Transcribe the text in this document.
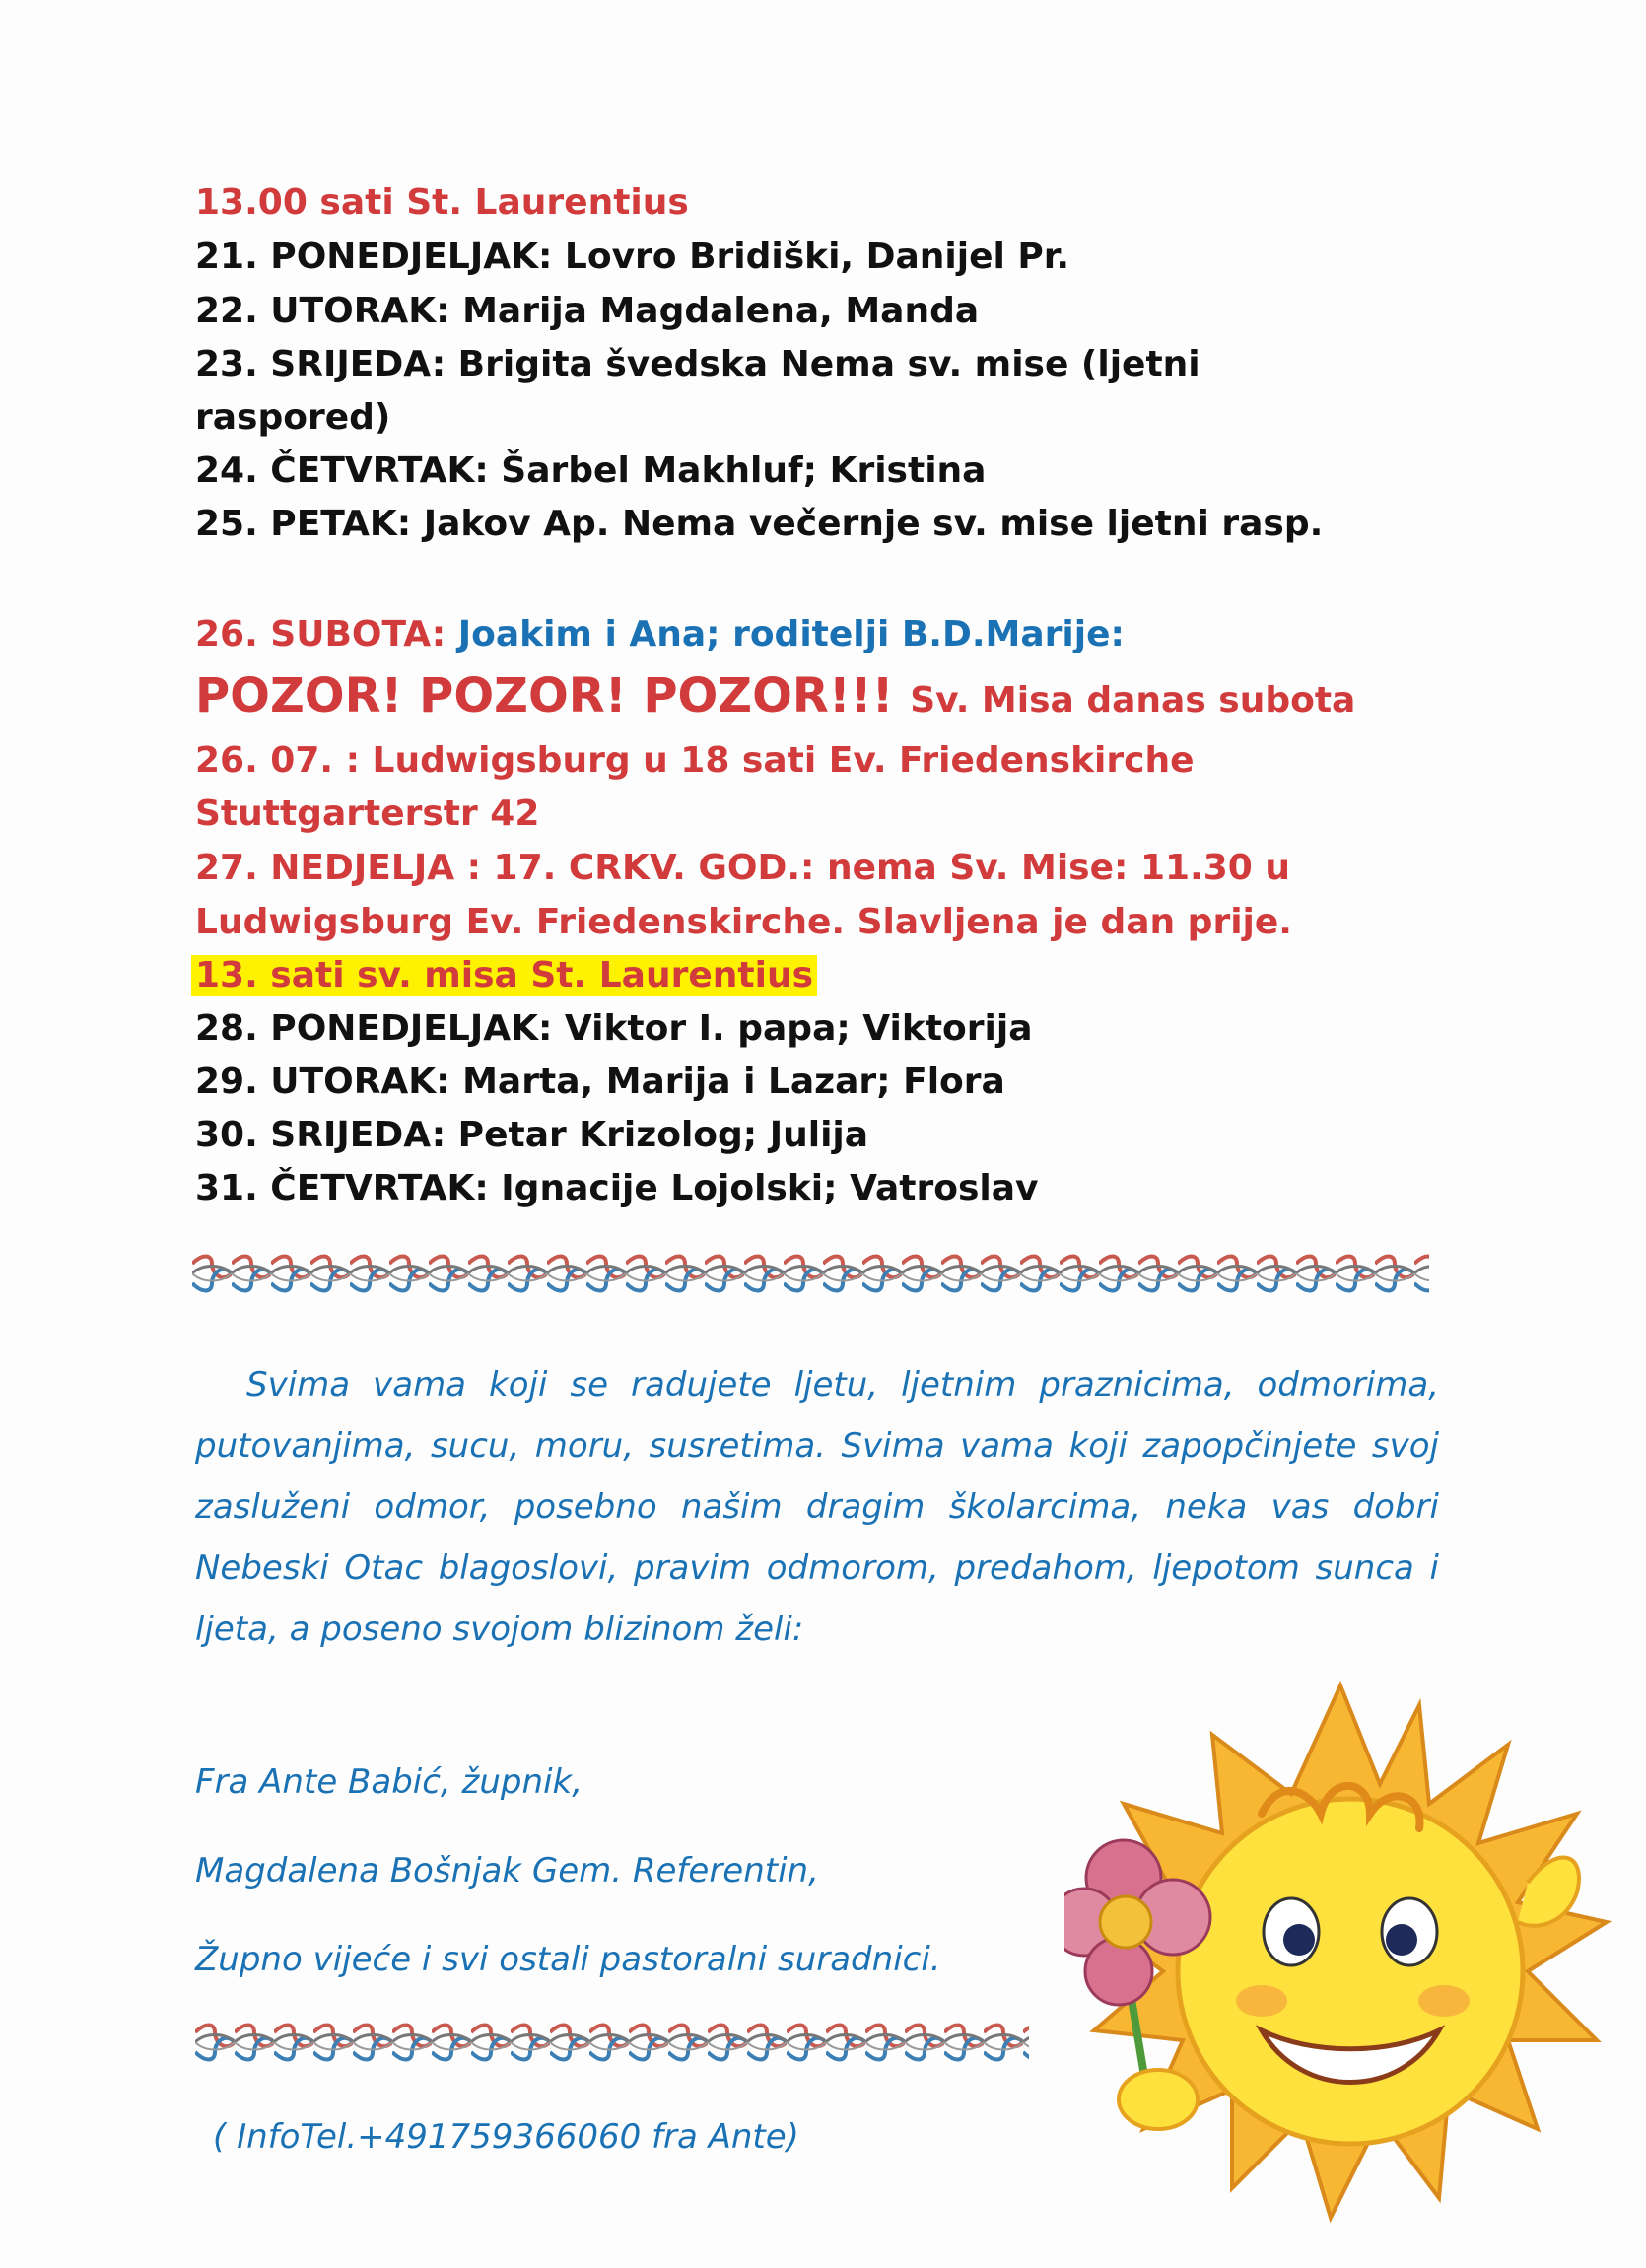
13.00 sati St. Laurentius
21. PONEDJELJAK: Lovro Bridiški, Danijel Pr.
22. UTORAK: Marija Magdalena, Manda
23. SRIJEDA: Brigita švedska Nema sv. mise (ljetni
raspored)
24. ČETVRTAK: Šarbel Makhluf; Kristina
25. PETAK: Jakov Ap. Nema večernje sv. mise ljetni rasp.
26. SUBOTA: Joakim i Ana; roditelji B.D.Marije:
POZOR! POZOR! POZOR!!! Sv. Misa danas subota
26. 07. : Ludwigsburg u 18 sati Ev. Friedenskirche
Stuttgarterstr 42
27. NEDJELJA : 17. CRKV. GOD.: nema Sv. Mise: 11.30 u
Ludwigsburg Ev. Friedenskirche. Slavljena je dan prije.
13. sati sv. misa St. Laurentius
28. PONEDJELJAK: Viktor I. papa; Viktorija
29. UTORAK: Marta, Marija i Lazar; Flora
30. SRIJEDA: Petar Krizolog; Julija
31. ČETVRTAK: Ignacije Lojolski; Vatroslav

Svima vama koji se radujete ljetu, ljetnim praznicima, odmorima, putovanjima, sucu, moru, susretima. Svima vama koji zapopčinjete svoj zasluženi odmor, posebno našim dragim školarcima, neka vas dobri Nebeski Otac blagoslovi, pravim odmorom, predahom, ljepotom sunca i ljeta, a poseno svojom blizinom želi:

Fra Ante Babić, župnik,
Magdalena Bošnjak Gem. Referentin,
Župno vijeće i svi ostali pastoralni suradnici.
( InfoTel.+491759366060 fra Ante)
